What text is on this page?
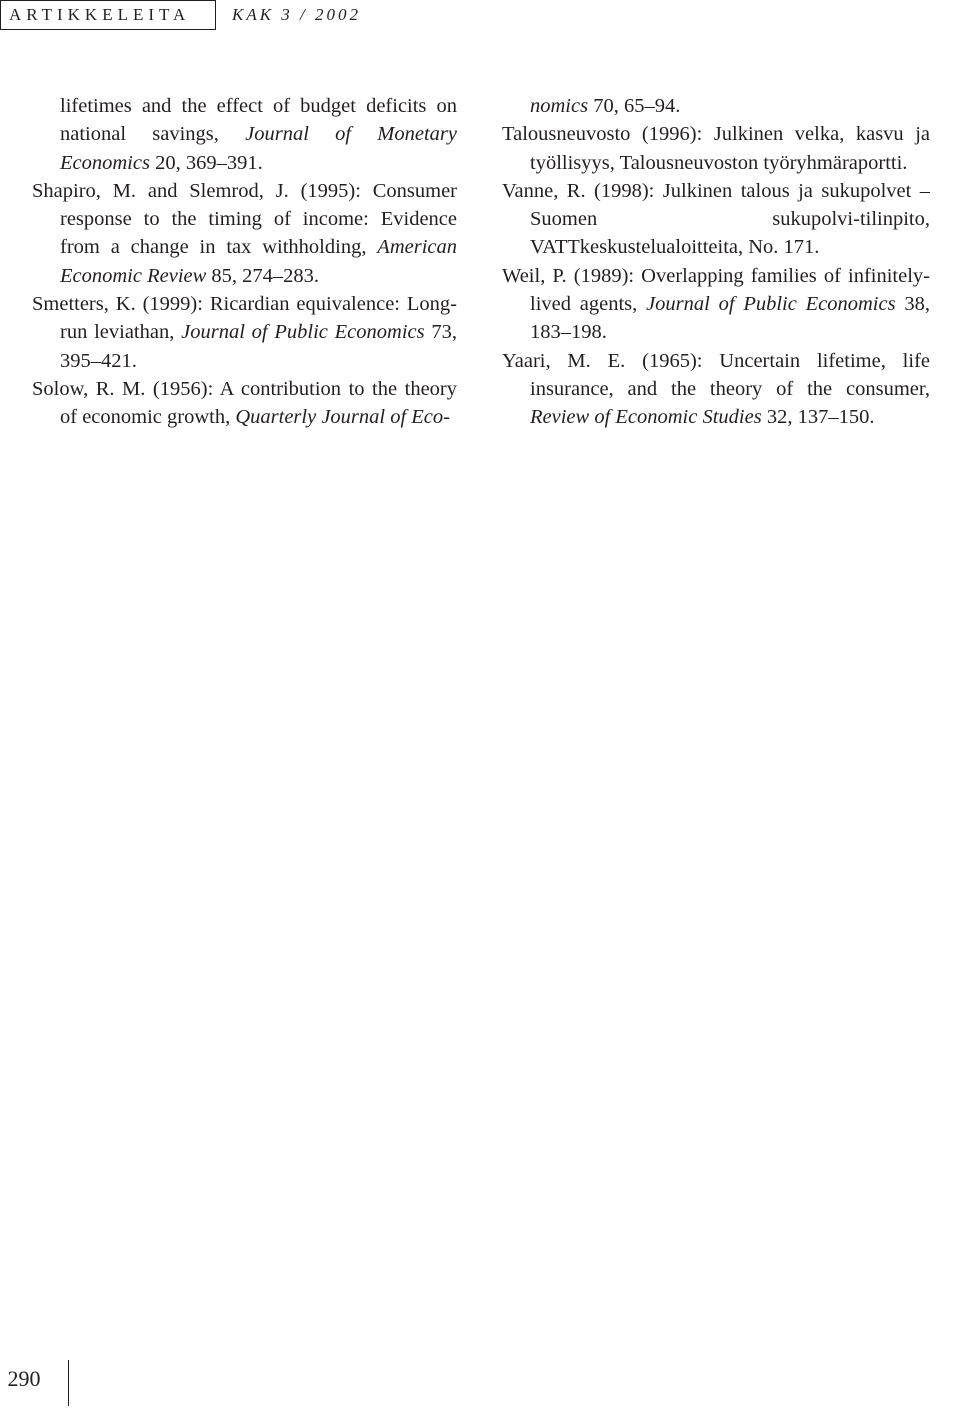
ARTIKKELEITA	KAK 3 / 2002

lifetimes and the effect of budget deficits on national savings, Journal of Monetary Economics 20, 369–391.

Shapiro, M. and Slemrod, J. (1995): Consumer response to the timing of income: Evidence from a change in tax withholding, American Economic Review 85, 274–283.

Smetters, K. (1999): Ricardian equivalence: Long-run leviathan, Journal of Public Economics 73, 395–421.

Solow, R. M. (1956): A contribution to the theory of economic growth, Quarterly Journal of Eco-

nomics 70, 65–94.

Talousneuvosto (1996): Julkinen velka, kasvu ja työllisyys, Talousneuvoston työryhmäraportti.

Vanne, R. (1998): Julkinen talous ja sukupolvet – Suomen sukupolvi-tilinpito, VATTkeskustelualoitteita, No. 171.

Weil, P. (1989): Overlapping families of infinitely-lived agents, Journal of Public Economics 38, 183–198.

Yaari, M. E. (1965): Uncertain lifetime, life insurance, and the theory of the consumer, Review of Economic Studies 32, 137–150.

290
